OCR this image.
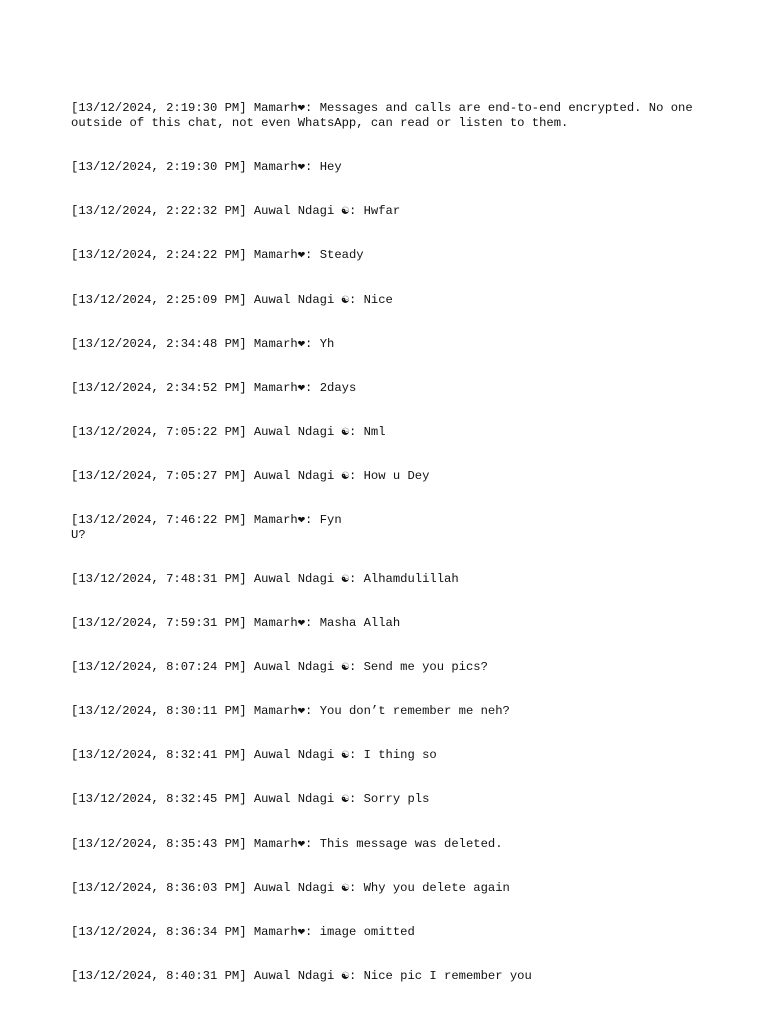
[13/12/2024, 2:19:30 PM] Mamarh❤: Messages and calls are end-to-end encrypted. No one outside of this chat, not even WhatsApp, can read or listen to them.

[13/12/2024, 2:19:30 PM] Mamarh❤: Hey

[13/12/2024, 2:22:32 PM] Auwal Ndagi ☯: Hwfar

[13/12/2024, 2:24:22 PM] Mamarh❤: Steady

[13/12/2024, 2:25:09 PM] Auwal Ndagi ☯: Nice

[13/12/2024, 2:34:48 PM] Mamarh❤: Yh

[13/12/2024, 2:34:52 PM] Mamarh❤: 2days

[13/12/2024, 7:05:22 PM] Auwal Ndagi ☯: Nml

[13/12/2024, 7:05:27 PM] Auwal Ndagi ☯: How u Dey

[13/12/2024, 7:46:22 PM] Mamarh❤: Fyn
U?

[13/12/2024, 7:48:31 PM] Auwal Ndagi ☯: Alhamdulillah

[13/12/2024, 7:59:31 PM] Mamarh❤: Masha Allah

[13/12/2024, 8:07:24 PM] Auwal Ndagi ☯: Send me you pics?

[13/12/2024, 8:30:11 PM] Mamarh❤: You don’t remember me neh?

[13/12/2024, 8:32:41 PM] Auwal Ndagi ☯: I thing so

[13/12/2024, 8:32:45 PM] Auwal Ndagi ☯: Sorry pls

[13/12/2024, 8:35:43 PM] Mamarh❤: This message was deleted.

[13/12/2024, 8:36:03 PM] Auwal Ndagi ☯: Why you delete again

[13/12/2024, 8:36:34 PM] Mamarh❤: image omitted

[13/12/2024, 8:40:31 PM] Auwal Ndagi ☯: Nice pic I remember you
